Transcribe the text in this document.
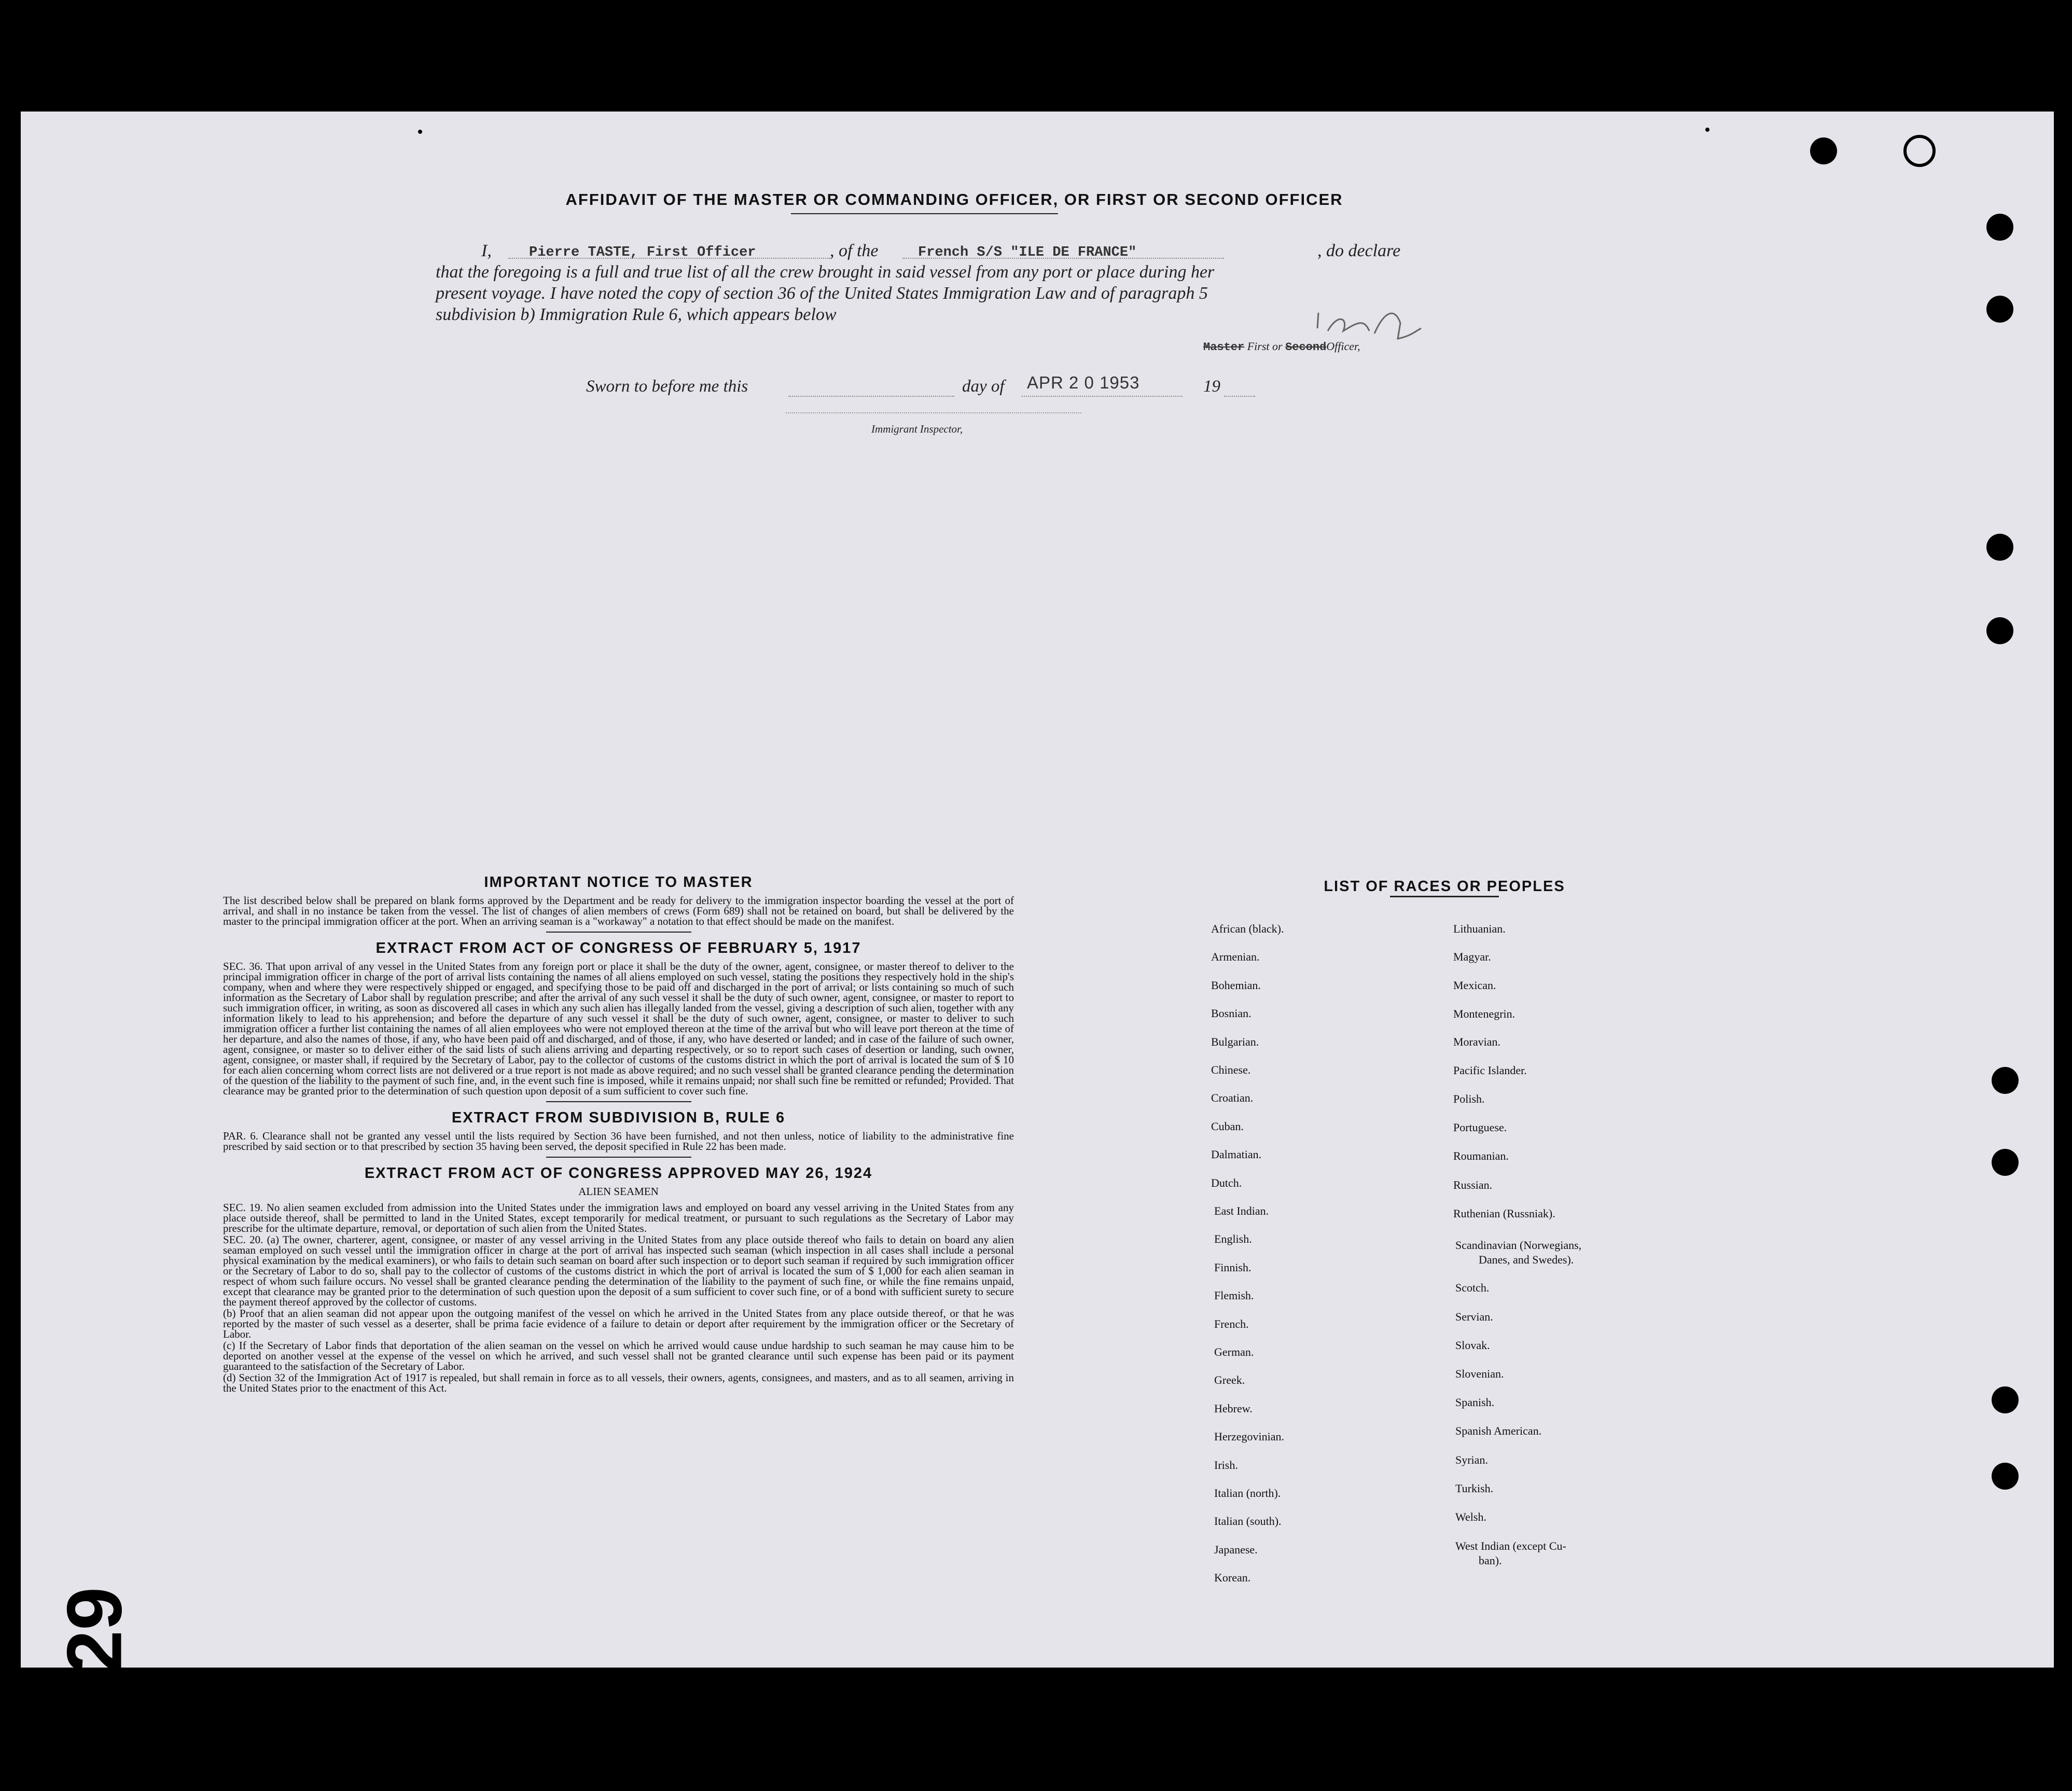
AFFIDAVIT OF THE MASTER OR COMMANDING OFFICER, OR FIRST OR SECOND OFFICER
I,	Pierre TASTE, First Officer	, of the	French S/S "ILE DE FRANCE"	, do declare
that the foregoing is a full and true list of all the crew brought in said vessel from any port or place during her
present voyage. I have noted the copy of section 36 of the United States Immigration Law and of paragraph 5
subdivision b) Immigration Rule 6, which appears below
Master First or SecondOfficer,
Sworn to before me this	day of APR 2 0 1953	19
Immigrant Inspector,

IMPORTANT NOTICE TO MASTER

The list described below shall be prepared on blank forms approved by the Department and be ready for delivery to the immigration inspector boarding the vessel at the port of arrival, and shall in no instance be taken from the vessel. The list of changes of alien members of crews (Form 689) shall not be retained on board, but shall be delivered by the master to the principal immigration officer at the port. When an arriving seaman is a "workaway" a notation to that effect should be made on the manifest.

EXTRACT FROM ACT OF CONGRESS OF FEBRUARY 5, 1917

SEC. 36. That upon arrival of any vessel in the United States from any foreign port or place it shall be the duty of the owner, agent, consignee, or master thereof to deliver to the principal immigration officer in charge of the port of arrival lists containing the names of all aliens employed on such vessel, stating the positions they respectively hold in the ship's company, when and where they were respectively shipped or engaged, and specifying those to be paid off and discharged in the port of arrival; or lists containing so much of such information as the Secretary of Labor shall by regulation prescribe; and after the arrival of any such vessel it shall be the duty of such owner, agent, consignee, or master to report to such immigration officer, in writing, as soon as discovered all cases in which any such alien has illegally landed from the vessel, giving a description of such alien, together with any information likely to lead to his apprehension; and before the departure of any such vessel it shall be the duty of such owner, agent, consignee, or master to deliver to such immigration officer a further list containing the names of all alien employees who were not employed thereon at the time of the arrival but who will leave port thereon at the time of her departure, and also the names of those, if any, who have been paid off and discharged, and of those, if any, who have deserted or landed; and in case of the failure of such owner, agent, consignee, or master so to deliver either of the said lists of such aliens arriving and departing respectively, or so to report such cases of desertion or landing, such owner, agent, consignee, or master shall, if required by the Secretary of Labor, pay to the collector of customs of the customs district in which the port of arrival is located the sum of $ 10 for each alien concerning whom correct lists are not delivered or a true report is not made as above required; and no such vessel shall be granted clearance pending the determination of the question of the liability to the payment of such fine, and, in the event such fine is imposed, while it remains unpaid; nor shall such fine be remitted or refunded; Provided. That clearance may be granted prior to the determination of such question upon deposit of a sum sufficient to cover such fine.

EXTRACT FROM SUBDIVISION B, RULE 6

PAR. 6. Clearance shall not be granted any vessel until the lists required by Section 36 have been furnished, and not then unless, notice of liability to the administrative fine prescribed by said section or to that prescribed by section 35 having been served, the deposit specified in Rule 22 has been made.

EXTRACT FROM ACT OF CONGRESS APPROVED MAY 26, 1924

ALIEN SEAMEN

SEC. 19. No alien seamen excluded from admission into the United States under the immigration laws and employed on board any vessel arriving in the United States from any place outside thereof, shall be permitted to land in the United States, except temporarily for medical treatment, or pursuant to such regulations as the Secretary of Labor may prescribe for the ultimate departure, removal, or deportation of such alien from the United States.

SEC. 20. (a) The owner, charterer, agent, consignee, or master of any vessel arriving in the United States from any place outside thereof who fails to detain on board any alien seaman employed on such vessel until the immigration officer in charge at the port of arrival has inspected such seaman (which inspection in all cases shall include a personal physical examination by the medical examiners), or who fails to detain such seaman on board after such inspection or to deport such seaman if required by such immigration officer or the Secretary of Labor to do so, shall pay to the collector of customs of the customs district in which the port of arrival is located the sum of $ 1,000 for each alien seaman in respect of whom such failure occurs. No vessel shall be granted clearance pending the determination of the liability to the payment of such fine, or while the fine remains unpaid, except that clearance may be granted prior to the determination of such question upon the deposit of a sum sufficient to cover such fine, or of a bond with sufficient surety to secure the payment thereof approved by the collector of customs.

(b) Proof that an alien seaman did not appear upon the outgoing manifest of the vessel on which he arrived in the United States from any place outside thereof, or that he was reported by the master of such vessel as a deserter, shall be prima facie evidence of a failure to detain or deport after requirement by the immigration officer or the Secretary of Labor.

(c) If the Secretary of Labor finds that deportation of the alien seaman on the vessel on which he arrived would cause undue hardship to such seaman he may cause him to be deported on another vessel at the expense of the vessel on which he arrived, and such vessel shall not be granted clearance until such expense has been paid or its payment guaranteed to the satisfaction of the Secretary of Labor.

(d) Section 32 of the Immigration Act of 1917 is repealed, but shall remain in force as to all vessels, their owners, agents, consignees, and masters, and as to all seamen, arriving in the United States prior to the enactment of this Act.

LIST OF RACES OR PEOPLES
29
African (black).
Armenian.
Bohemian.
Bosnian.
Bulgarian.
Chinese.
Croatian.
Cuban.
Dalmatian.
Dutch.
East Indian.
English.
Finnish.
Flemish.
French.
German.
Greek.
Hebrew.
Herzegovinian.
Irish.
Italian (north).
Italian (south).
Japanese.
Korean.
Lithuanian.
Magyar.
Mexican.
Montenegrin.
Moravian.
Pacific Islander.
Polish.
Portuguese.
Roumanian.
Russian.
Ruthenian (Russniak).
Scandinavian (Norwegians,
Danes, and Swedes).
Scotch.
Servian.
Slovak.
Slovenian.
Spanish.
Spanish American.
Syrian.
Turkish.
Welsh.
West Indian (except Cu-
ban).
